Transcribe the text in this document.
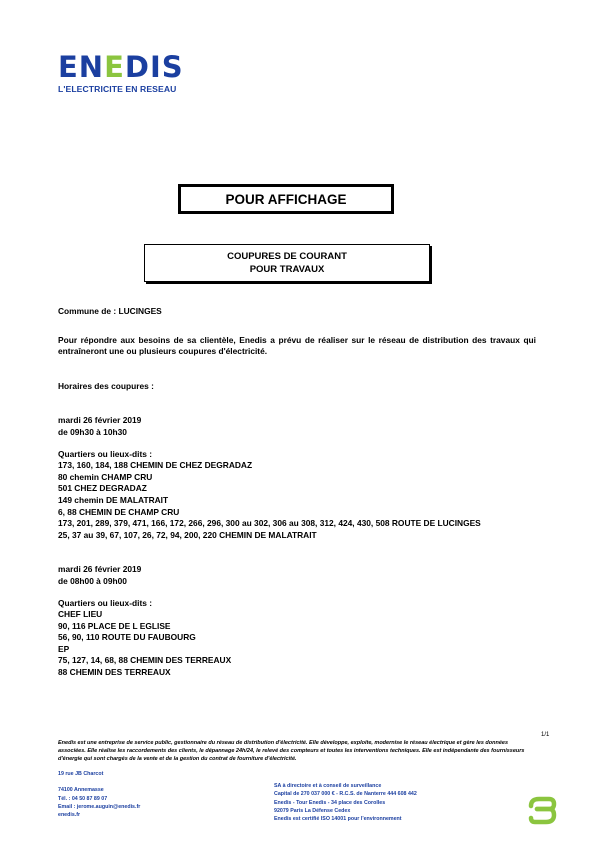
ENEDIS
L'ELECTRICITE EN RESEAU
POUR AFFICHAGE
COUPURES DE COURANT
POUR TRAVAUX

Commune de : LUCINGES

Pour répondre aux besoins de sa clientèle, Enedis a prévu de réaliser sur le réseau de distribution des travaux qui entraîneront une ou plusieurs coupures d'électricité.

Horaires des coupures :

mardi 26 février 2019

de 09h30 à 10h30

Quartiers ou lieux-dits :

173, 160, 184, 188 CHEMIN DE CHEZ DEGRADAZ

80 chemin CHAMP CRU

501 CHEZ DEGRADAZ

149 chemin DE MALATRAIT

6, 88 CHEMIN DE CHAMP CRU

173, 201, 289, 379, 471, 166, 172, 266, 296, 300 au 302, 306 au 308, 312, 424, 430, 508 ROUTE DE LUCINGES

25, 37 au 39, 67, 107, 26, 72, 94, 200, 220 CHEMIN DE MALATRAIT

mardi 26 février 2019

de 08h00 à 09h00

Quartiers ou lieux-dits :

CHEF LIEU

90, 116 PLACE DE L EGLISE

56, 90, 110 ROUTE DU FAUBOURG

EP

75, 127, 14, 68, 88 CHEMIN DES TERREAUX

88 CHEMIN DES TERREAUX

1/1
Enedis est une entreprise de service public, gestionnaire du réseau de distribution d'électricité. Elle développe, exploite, modernise le réseau électrique et gère les données associées. Elle réalise les raccordements des clients, le dépannage 24h/24, le relevé des compteurs et toutes les interventions techniques. Elle est indépendante des fournisseurs d'énergie qui sont chargés de la vente et de la gestion du contrat de fourniture d'électricité.
19 rue JB Charcot
74100 Annemasse
Tél. : 04 50 87 89 07
Email : jerome.auguin@enedis.fr
enedis.fr
SA à directoire et à conseil de surveillance
Capital de 270 037 000 € - R.C.S. de Nanterre 444 608 442
Enedis - Tour Enedis - 34 place des Corolles
92079 Paris La Défense Cedex
Enedis est certifié ISO 14001 pour l'environnement
